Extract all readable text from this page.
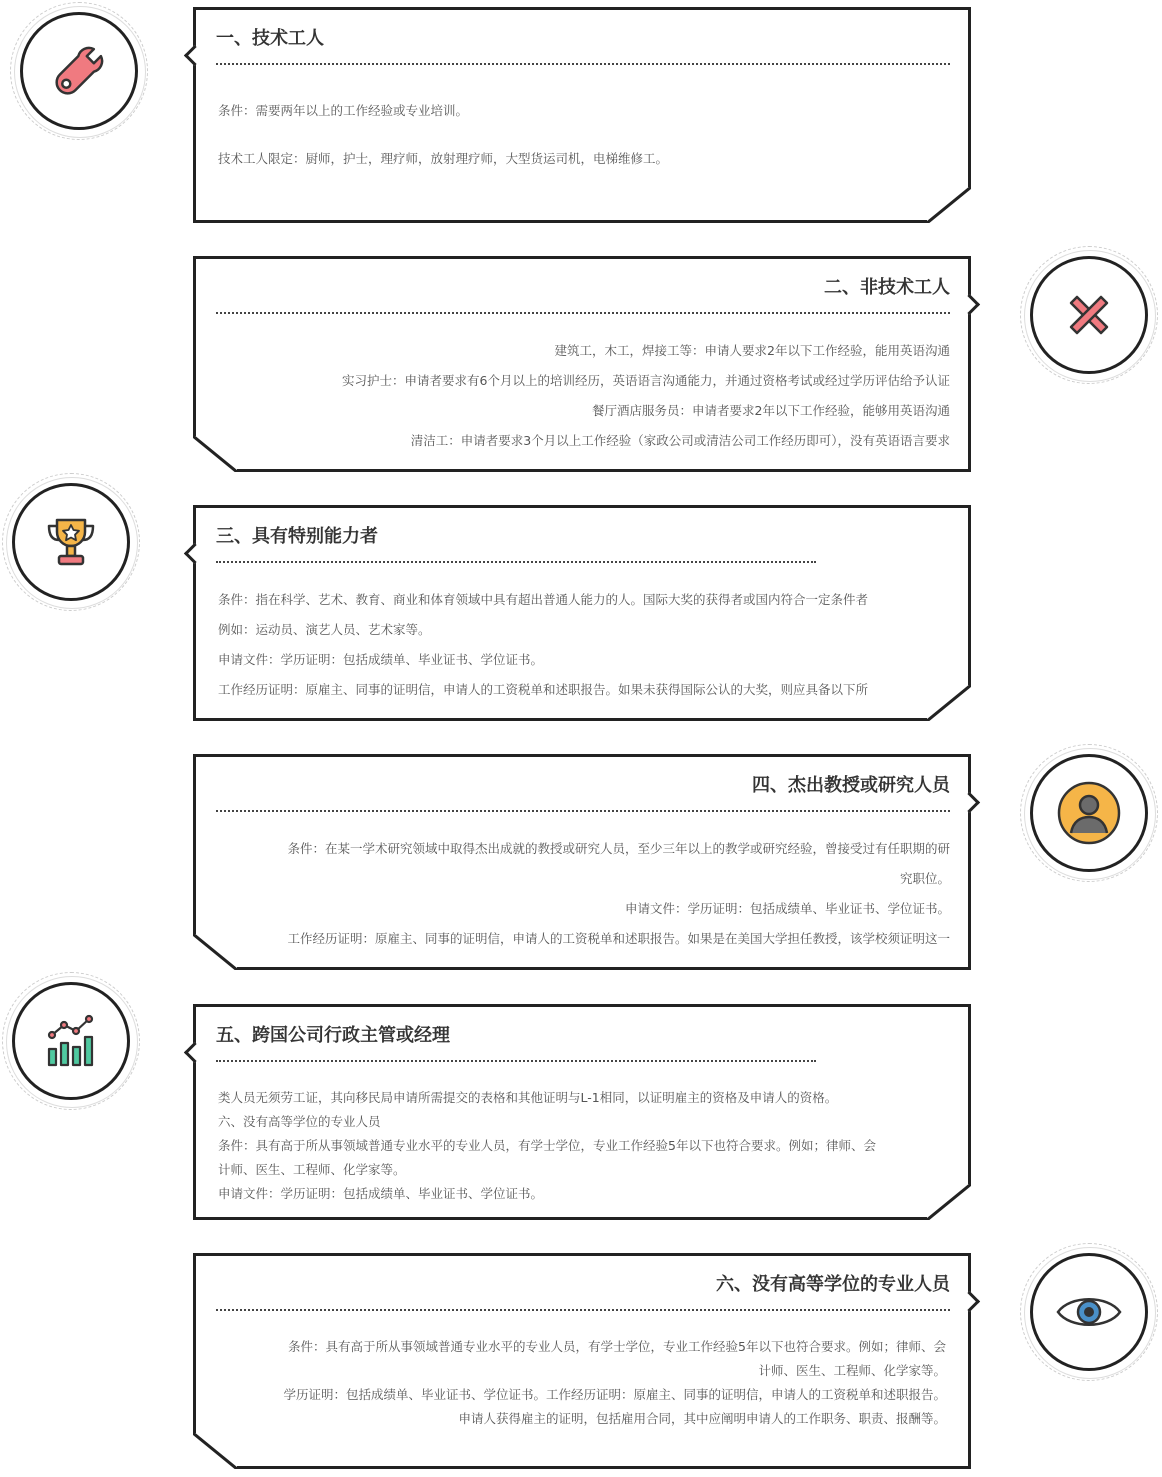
一、技术工人

条件：需要两年以上的工作经验或专业培训。

技术工人限定：厨师，护士，理疗师，放射理疗师，大型货运司机，电梯维修工。

二、非技术工人

建筑工，木工，焊接工等：申请人要求2年以下工作经验，能用英语沟通

实习护士：申请者要求有6个月以上的培训经历，英语语言沟通能力，并通过资格考试或经过学历评估给予认证

餐厅酒店服务员：申请者要求2年以下工作经验，能够用英语沟通

清洁工：申请者要求3个月以上工作经验（家政公司或清洁公司工作经历即可），没有英语语言要求

三、具有特别能力者

条件：指在科学、艺术、教育、商业和体育领域中具有超出普通人能力的人。国际大奖的获得者或国内符合一定条件者

例如：运动员、演艺人员、艺术家等。

申请文件：学历证明：包括成绩单、毕业证书、学位证书。

工作经历证明：原雇主、同事的证明信，申请人的工资税单和述职报告。如果未获得国际公认的大奖，则应具备以下所

四、杰出教授或研究人员

条件：在某一学术研究领域中取得杰出成就的教授或研究人员，至少三年以上的教学或研究经验，曾接受过有任职期的研

究职位。

申请文件：学历证明：包括成绩单、毕业证书、学位证书。

工作经历证明：原雇主、同事的证明信，申请人的工资税单和述职报告。如果是在美国大学担任教授，该学校须证明这一

五、跨国公司行政主管或经理

类人员无须劳工证，其向移民局申请所需提交的表格和其他证明与L-1相同，以证明雇主的资格及申请人的资格。

六、没有高等学位的专业人员

条件：具有高于所从事领域普通专业水平的专业人员，有学士学位，专业工作经验5年以下也符合要求。例如；律师、会

计师、医生、工程师、化学家等。

申请文件：学历证明：包括成绩单、毕业证书、学位证书。

六、没有高等学位的专业人员

条件：具有高于所从事领域普通专业水平的专业人员，有学士学位，专业工作经验5年以下也符合要求。例如；律师、会

计师、医生、工程师、化学家等。

学历证明：包括成绩单、毕业证书、学位证书。工作经历证明：原雇主、同事的证明信，申请人的工资税单和述职报告。

申请人获得雇主的证明，包括雇用合同，其中应阐明申请人的工作职务、职责、报酬等。
